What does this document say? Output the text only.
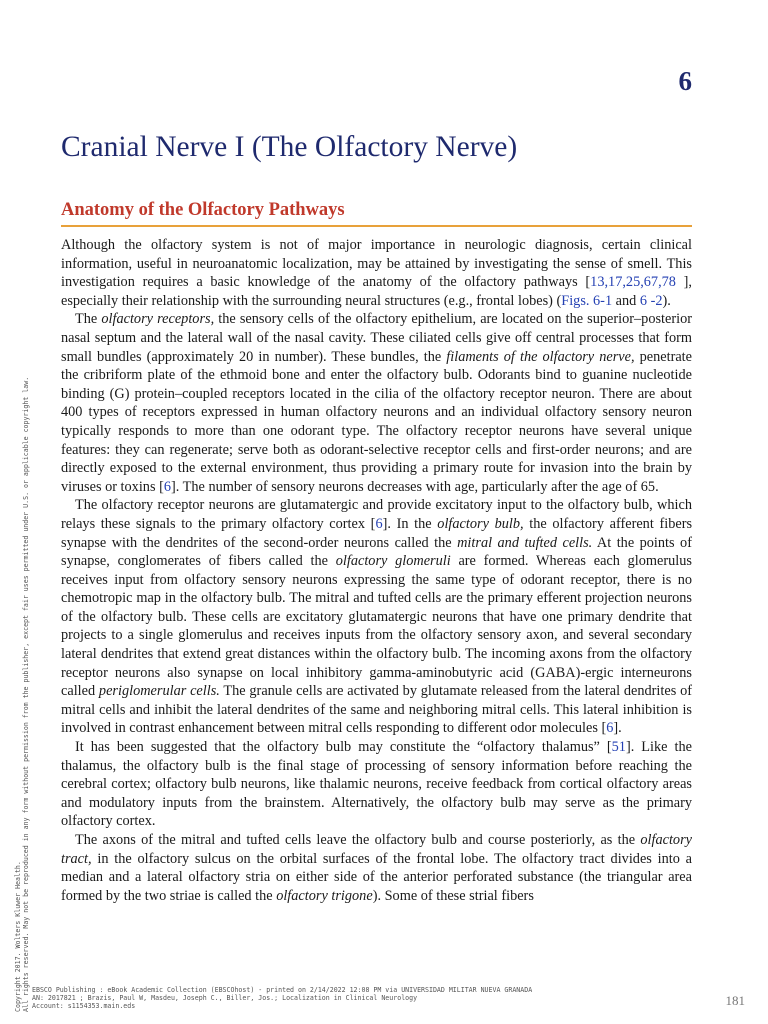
6
Cranial Nerve I (The Olfactory Nerve)
Anatomy of the Olfactory Pathways

Although the olfactory system is not of major importance in neurologic diagnosis, certain clinical information, useful in neuroanatomic localization, may be attained by investigating the sense of smell. This investigation requires a basic knowledge of the anatomy of the olfactory pathways [13,17,25,67,78 ], especially their relationship with the surrounding neural structures (e.g., frontal lobes) (Figs. 6-1 and 6 -2).

The olfactory receptors, the sensory cells of the olfactory epithelium, are located on the superior–posterior nasal septum and the lateral wall of the nasal cavity. These ciliated cells give off central processes that form small bundles (approximately 20 in number). These bundles, the filaments of the olfactory nerve, penetrate the cribriform plate of the ethmoid bone and enter the olfactory bulb. Odorants bind to guanine nucleotide binding (G) protein–coupled receptors located in the cilia of the olfactory receptor neuron. There are about 400 types of receptors expressed in human olfactory neurons and an individual olfactory sensory neuron typically responds to more than one odorant type. The olfactory receptor neurons have several unique features: they can regenerate; serve both as odorant-selective receptor cells and first-order neurons; and are directly exposed to the external environment, thus providing a primary route for invasion into the brain by viruses or toxins [6]. The number of sensory neurons decreases with age, particularly after the age of 65.

The olfactory receptor neurons are glutamatergic and provide excitatory input to the olfactory bulb, which relays these signals to the primary olfactory cortex [6]. In the olfactory bulb, the olfactory afferent fibers synapse with the dendrites of the second-order neurons called the mitral and tufted cells. At the points of synapse, conglomerates of fibers called the olfactory glomeruli are formed. Whereas each glomerulus receives input from olfactory sensory neurons expressing the same type of odorant receptor, there is no chemotropic map in the olfactory bulb. The mitral and tufted cells are the primary efferent projection neurons of the olfactory bulb. These cells are excitatory glutamatergic neurons that have one primary dendrite that projects to a single glomerulus and receives inputs from the olfactory sensory axon, and several secondary lateral dendrites that extend great distances within the olfactory bulb. The incoming axons from the olfactory receptor neurons also synapse on local inhibitory gamma-aminobutyric acid (GABA)-ergic interneurons called periglomerular cells. The granule cells are activated by glutamate released from the lateral dendrites of mitral cells and inhibit the lateral dendrites of the same and neighboring mitral cells. This lateral inhibition is involved in contrast enhancement between mitral cells responding to different odor molecules [6].

It has been suggested that the olfactory bulb may constitute the “olfactory thalamus” [51]. Like the thalamus, the olfactory bulb is the final stage of processing of sensory information before reaching the cerebral cortex; olfactory bulb neurons, like thalamic neurons, receive feedback from cortical olfactory areas and modulatory inputs from the brainstem. Alternatively, the olfactory bulb may serve as the primary olfactory cortex.

The axons of the mitral and tufted cells leave the olfactory bulb and course posteriorly, as the olfactory tract, in the olfactory sulcus on the orbital surfaces of the frontal lobe. The olfactory tract divides into a median and a lateral olfactory stria on either side of the anterior perforated substance (the triangular area formed by the two striae is called the olfactory trigone). Some of these strial fibers

Copyright 2017. Wolters Kluwer Health. All rights reserved. May not be reproduced in any form without permission from the publisher, except fair uses permitted under U.S. or applicable copyright law. EBSCO Publishing : eBook Academic Collection (EBSCOhost) - printed on 2/14/2022 12:08 PM via UNIVERSIDAD MILITAR NUEVA GRANADA
AN: 2017821 ; Brazis, Paul W, Masdeu, Joseph C., Biller, Jos.; Localization in Clinical Neurology
Account: s1154353.main.eds	181
